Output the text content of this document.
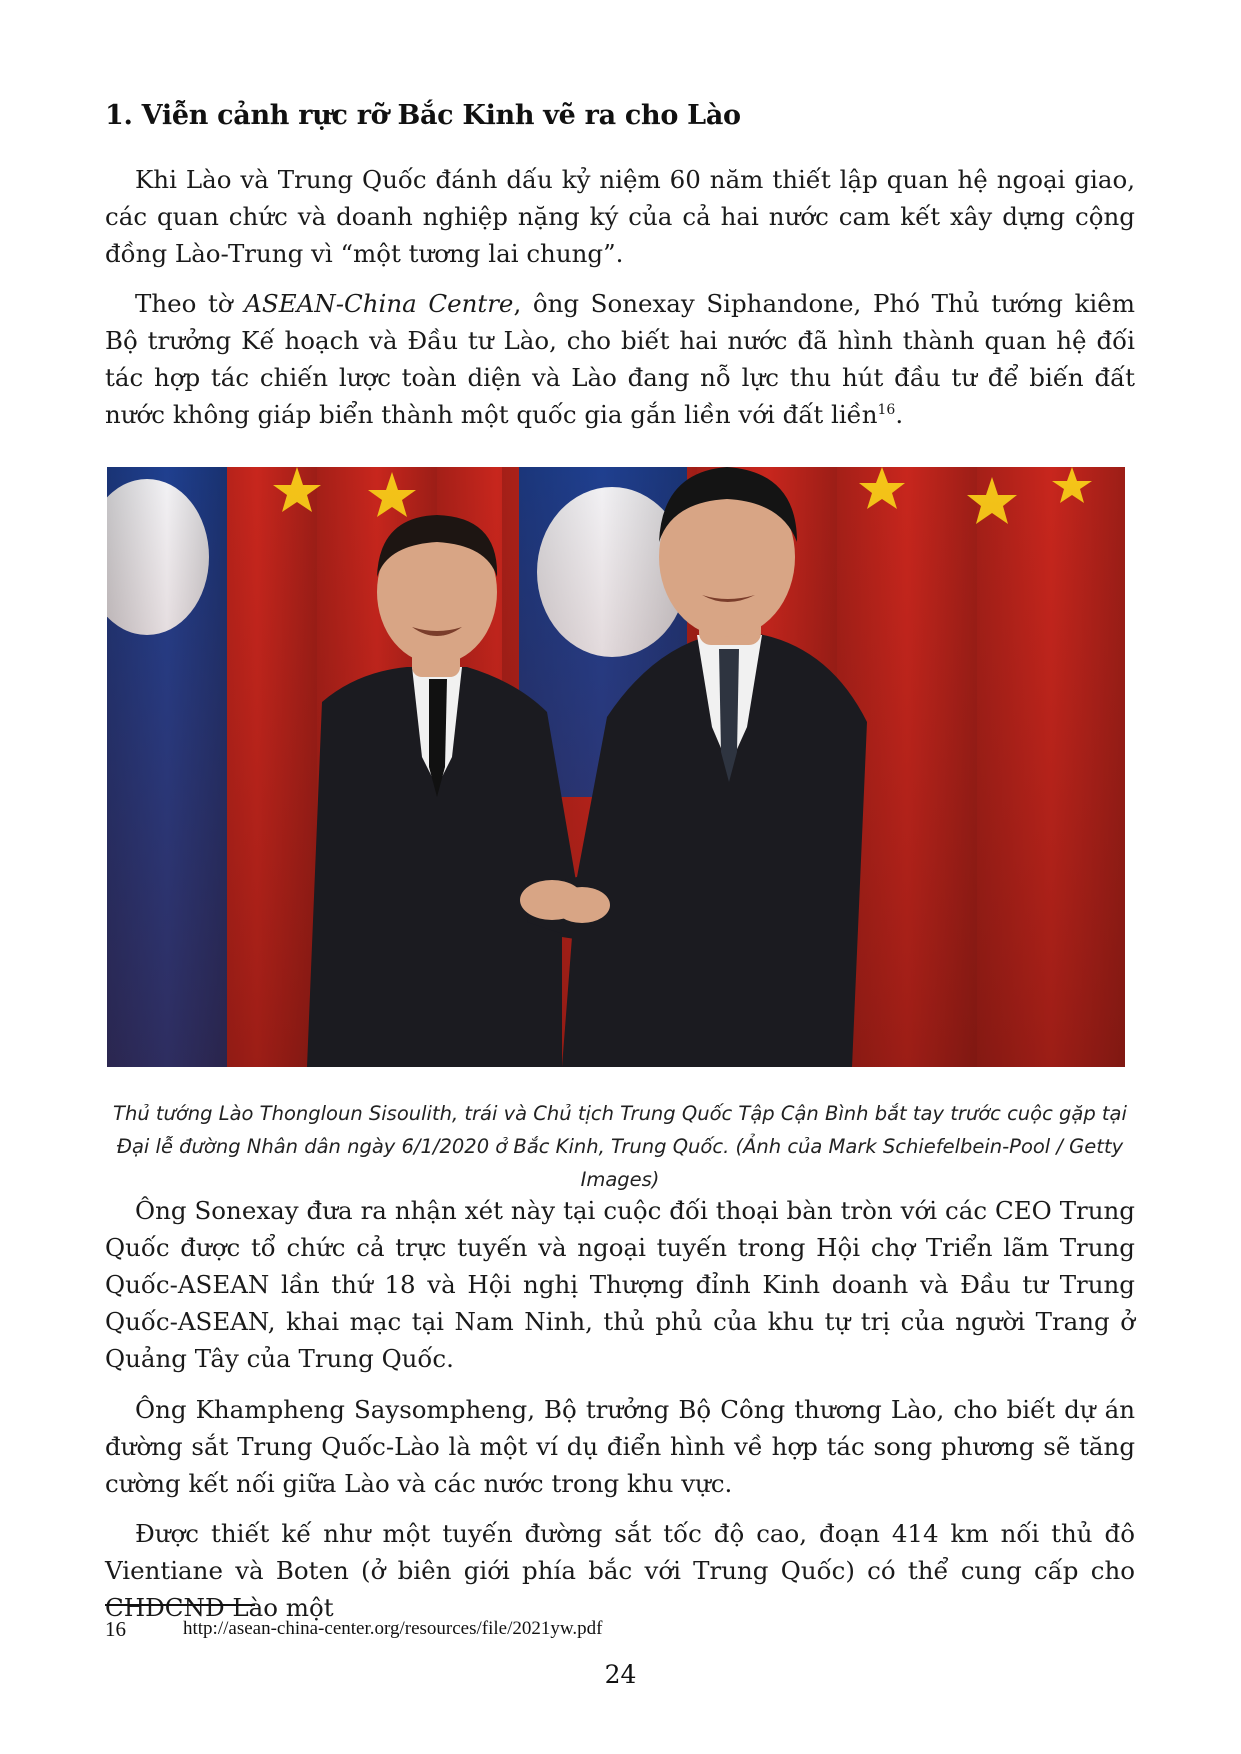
1. Viễn cảnh rực rỡ Bắc Kinh vẽ ra cho Lào

Khi Lào và Trung Quốc đánh dấu kỷ niệm 60 năm thiết lập quan hệ ngoại giao, các quan chức và doanh nghiệp nặng ký của cả hai nước cam kết xây dựng cộng đồng Lào-Trung vì “một tương lai chung”.

Theo tờ ASEAN-China Centre, ông Sonexay Siphandone, Phó Thủ tướng kiêm Bộ trưởng Kế hoạch và Đầu tư Lào, cho biết hai nước đã hình thành quan hệ đối tác hợp tác chiến lược toàn diện và Lào đang nỗ lực thu hút đầu tư để biến đất nước không giáp biển thành một quốc gia gắn liền với đất liền$^{16}$.

Thủ tướng Lào Thongloun Sisoulith, trái và Chủ tịch Trung Quốc Tập Cận Bình bắt tay trước cuộc gặp tại Đại lễ đường Nhân dân ngày 6/1/2020 ở Bắc Kinh, Trung Quốc. (Ảnh của Mark Schiefelbein-Pool / Getty Images)

Ông Sonexay đưa ra nhận xét này tại cuộc đối thoại bàn tròn với các CEO Trung Quốc được tổ chức cả trực tuyến và ngoại tuyến trong Hội chợ Triển lãm Trung Quốc-ASEAN lần thứ 18 và Hội nghị Thượng đỉnh Kinh doanh và Đầu tư Trung Quốc-ASEAN, khai mạc tại Nam Ninh, thủ phủ của khu tự trị của người Trang ở Quảng Tây của Trung Quốc.

Ông Khampheng Saysompheng, Bộ trưởng Bộ Công thương Lào, cho biết dự án đường sắt Trung Quốc-Lào là một ví dụ điển hình về hợp tác song phương sẽ tăng cường kết nối giữa Lào và các nước trong khu vực.

Được thiết kế như một tuyến đường sắt tốc độ cao, đoạn 414 km nối thủ đô Vientiane và Boten (ở biên giới phía bắc với Trung Quốc) có thể cung cấp cho CHDCND Lào một

16	http://asean-china-center.org/resources/file/2021yw.pdf
24
